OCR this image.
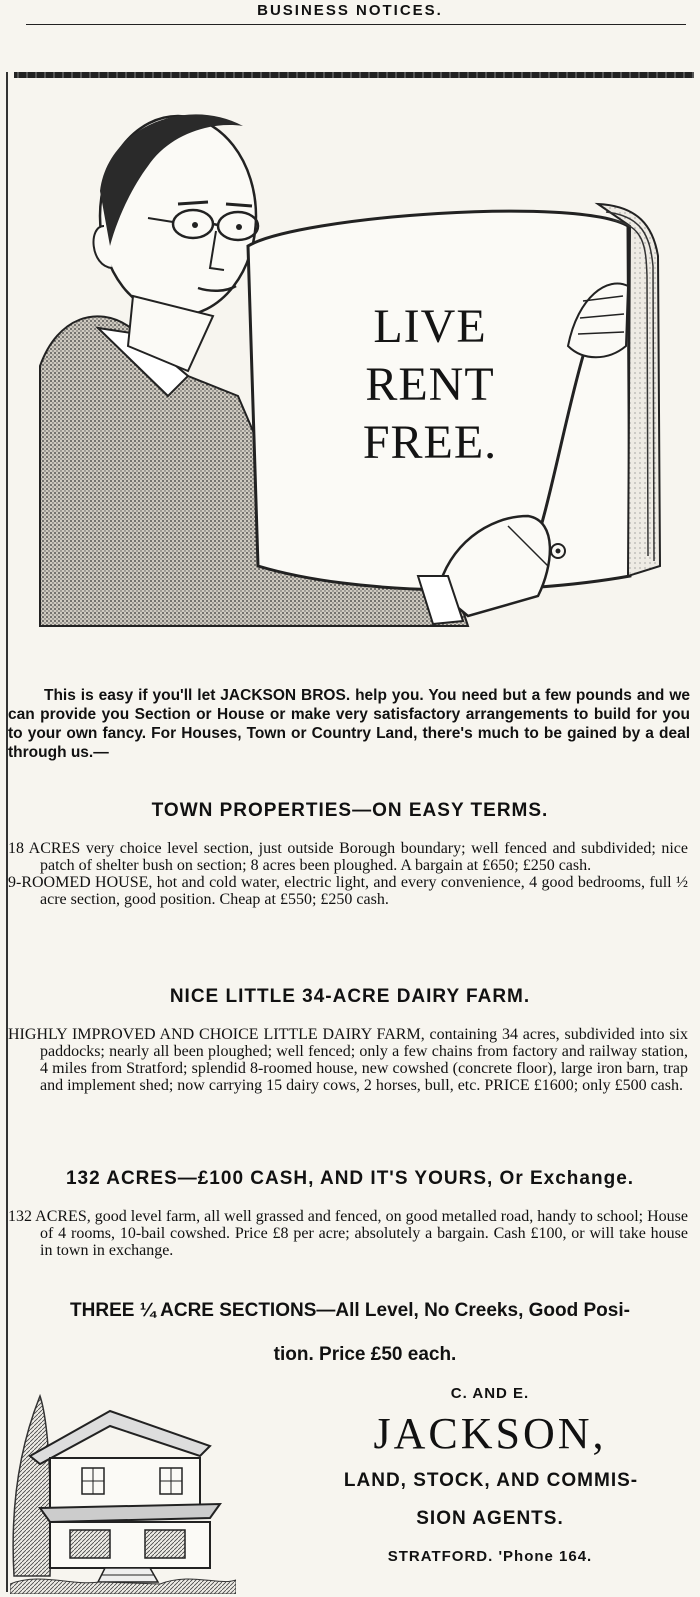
BUSINESS NOTICES.
LIVE
RENT
FREE.
This is easy if you'll let JACKSON BROS. help you. You need but a few pounds and we can provide you Section or House or make very satisfactory arrangements to build for you to your own fancy. For Houses, Town or Country Land, there's much to be gained by a deal through us.—
TOWN PROPERTIES—ON EASY TERMS.

18 ACRES very choice level section, just outside Borough boundary; well fenced and subdivided; nice patch of shelter bush on section; 8 acres been ploughed. A bargain at £650; £250 cash.

9-ROOMED HOUSE, hot and cold water, electric light, and every convenience, 4 good bedrooms, full ½ acre section, good position. Cheap at £550; £250 cash.

NICE LITTLE 34-ACRE DAIRY FARM.

HIGHLY IMPROVED AND CHOICE LITTLE DAIRY FARM, containing 34 acres, subdivided into six paddocks; nearly all been ploughed; well fenced; only a few chains from factory and railway station, 4 miles from Stratford; splendid 8-roomed house, new cowshed (concrete floor), large iron barn, trap and implement shed; now carrying 15 dairy cows, 2 horses, bull, etc. PRICE £1600; only £500 cash.

132 ACRES—£100 CASH, AND IT'S YOURS, Or Exchange.

132 ACRES, good level farm, all well grassed and fenced, on good metalled road, handy to school; House of 4 rooms, 10-bail cowshed. Price £8 per acre; absolutely a bargain. Cash £100, or will take house in town in exchange.

THREE ¼ ACRE SECTIONS—All Level, No Creeks, Good Posi-
tion. Price £50 each.
C. AND E.
JACKSON,
LAND, STOCK, AND COMMIS-
SION AGENTS.
STRATFORD. 'Phone 164.
